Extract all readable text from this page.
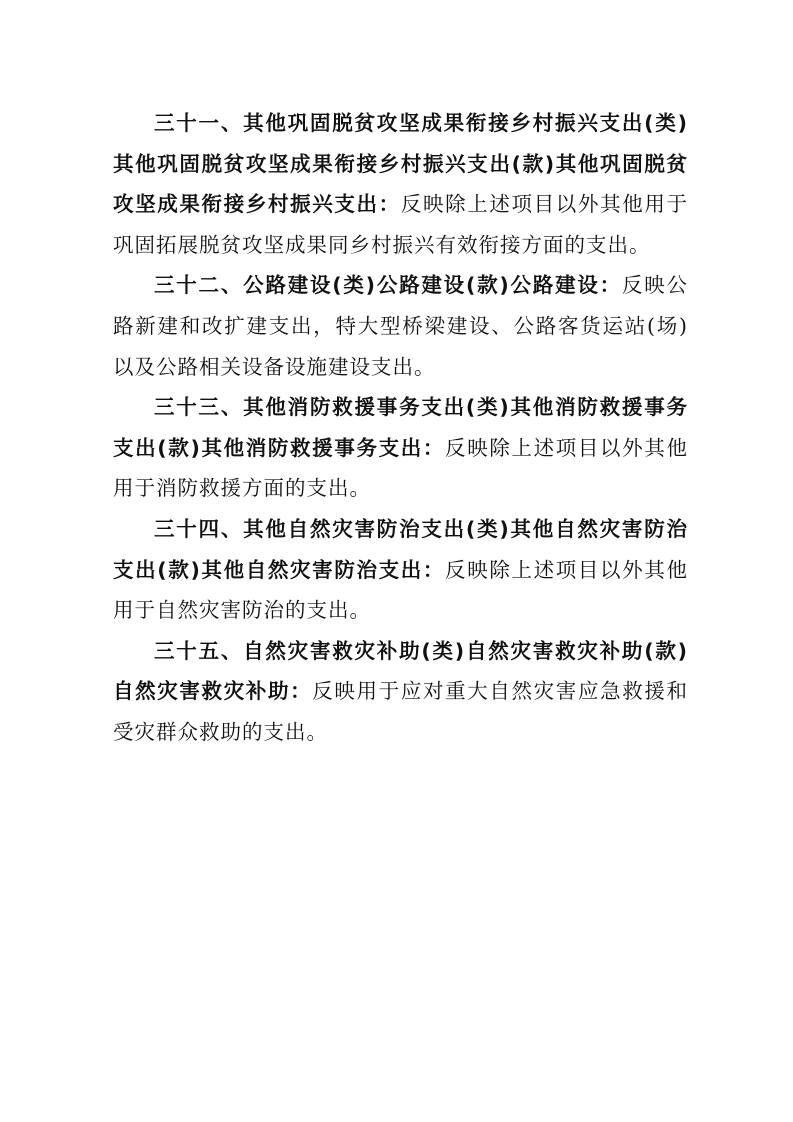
三十一、其他巩固脱贫攻坚成果衔接乡村振兴支出(类)其他巩固脱贫攻坚成果衔接乡村振兴支出(款)其他巩固脱贫攻坚成果衔接乡村振兴支出：反映除上述项目以外其他用于巩固拓展脱贫攻坚成果同乡村振兴有效衔接方面的支出。

三十二、公路建设(类)公路建设(款)公路建设：反映公路新建和改扩建支出，特大型桥梁建设、公路客货运站(场)以及公路相关设备设施建设支出。

三十三、其他消防救援事务支出(类)其他消防救援事务支出(款)其他消防救援事务支出：反映除上述项目以外其他用于消防救援方面的支出。

三十四、其他自然灾害防治支出(类)其他自然灾害防治支出(款)其他自然灾害防治支出：反映除上述项目以外其他用于自然灾害防治的支出。

三十五、自然灾害救灾补助(类)自然灾害救灾补助(款)自然灾害救灾补助：反映用于应对重大自然灾害应急救援和受灾群众救助的支出。
